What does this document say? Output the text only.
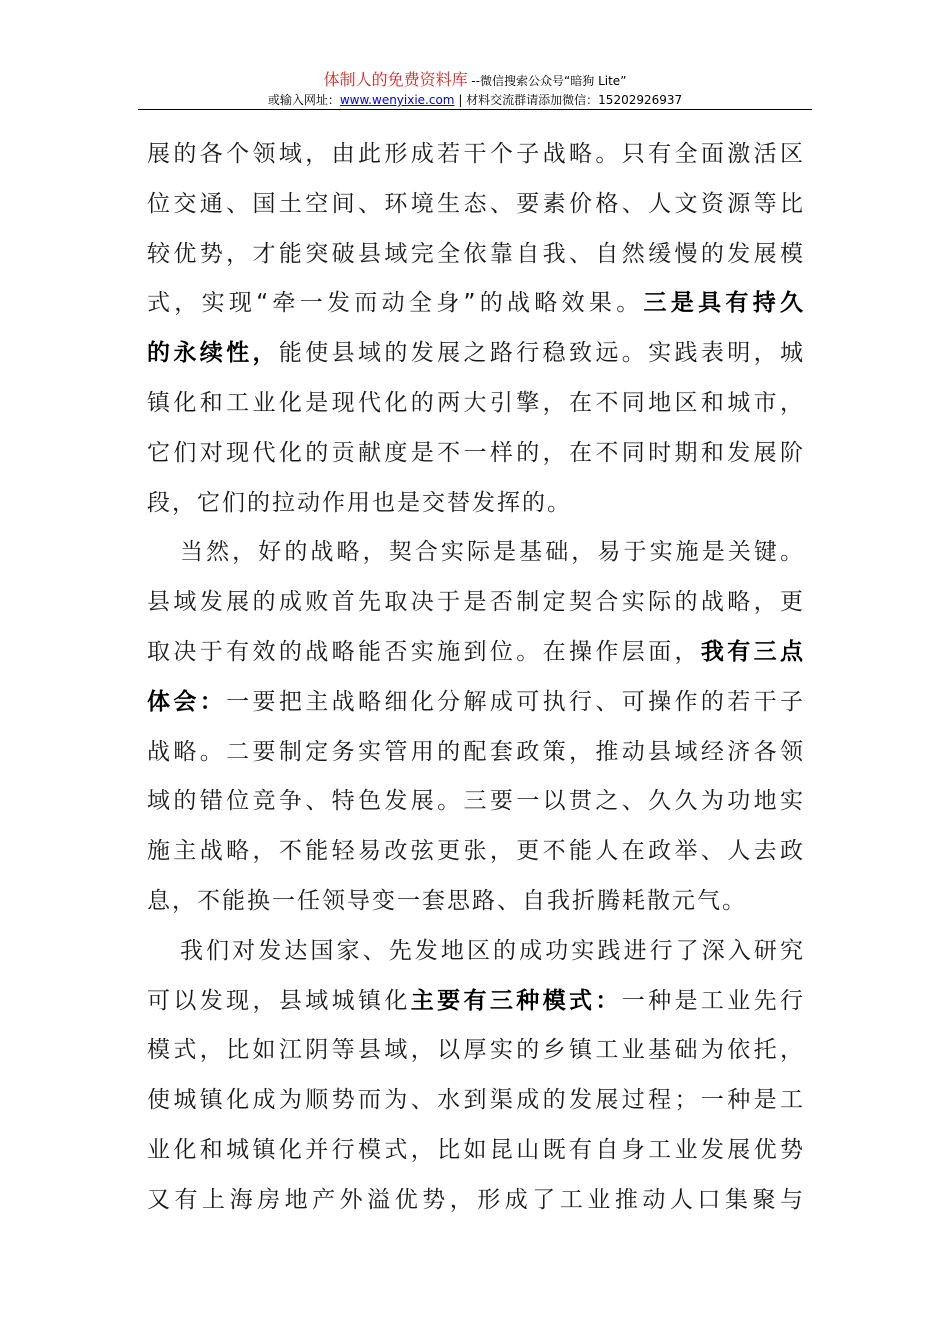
体制人的免费资料库 --微信搜索公众号“暗狗 Lite”
或输入网址：www.wenyixie.com | 材料交流群请添加微信：15202926937
展的各个领域，由此形成若干个子战略。只有全面激活区
位交通、国土空间、环境生态、要素价格、人文资源等比
较优势，才能突破县域完全依靠自我、自然缓慢的发展模
式，实现“牵一发而动全身”的战略效果。三是具有持久
的永续性，能使县域的发展之路行稳致远。实践表明，城
镇化和工业化是现代化的两大引擎，在不同地区和城市，
它们对现代化的贡献度是不一样的，在不同时期和发展阶
段，它们的拉动作用也是交替发挥的。
当然，好的战略，契合实际是基础，易于实施是关键。
县域发展的成败首先取决于是否制定契合实际的战略，更
取决于有效的战略能否实施到位。在操作层面，我有三点
体会：一要把主战略细化分解成可执行、可操作的若干子
战略。二要制定务实管用的配套政策，推动县域经济各领
域的错位竞争、特色发展。三要一以贯之、久久为功地实
施主战略，不能轻易改弦更张，更不能人在政举、人去政
息，不能换一任领导变一套思路、自我折腾耗散元气。
我们对发达国家、先发地区的成功实践进行了深入研究
可以发现，县域城镇化主要有三种模式：一种是工业先行
模式，比如江阴等县域，以厚实的乡镇工业基础为依托，
使城镇化成为顺势而为、水到渠成的发展过程；一种是工
业化和城镇化并行模式，比如昆山既有自身工业发展优势
又有上海房地产外溢优势，形成了工业推动人口集聚与
